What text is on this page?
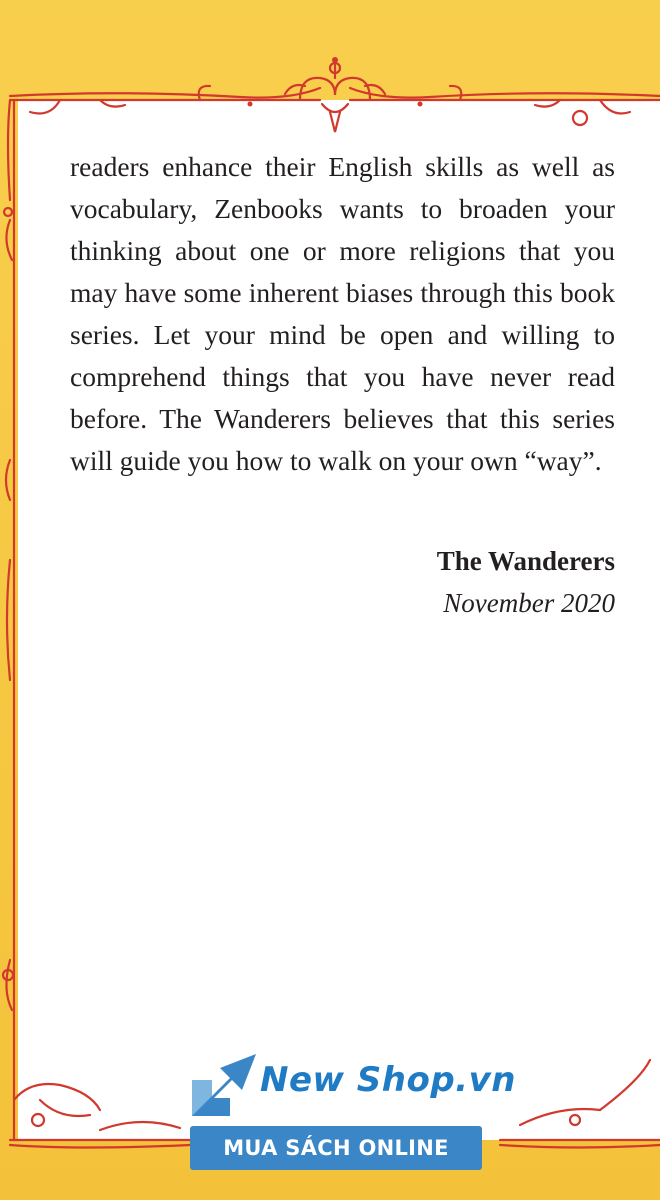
readers enhance their English skills as well as vocabulary, Zenbooks wants to broaden your thinking about one or more religions that you may have some inherent biases through this book series. Let your mind be open and willing to comprehend things that you have never read before. The Wanderers believes that this series will guide you how to walk on your own “way”.

The Wanderers
November 2020
New Shop.vn
MUA SÁCH ONLINE
